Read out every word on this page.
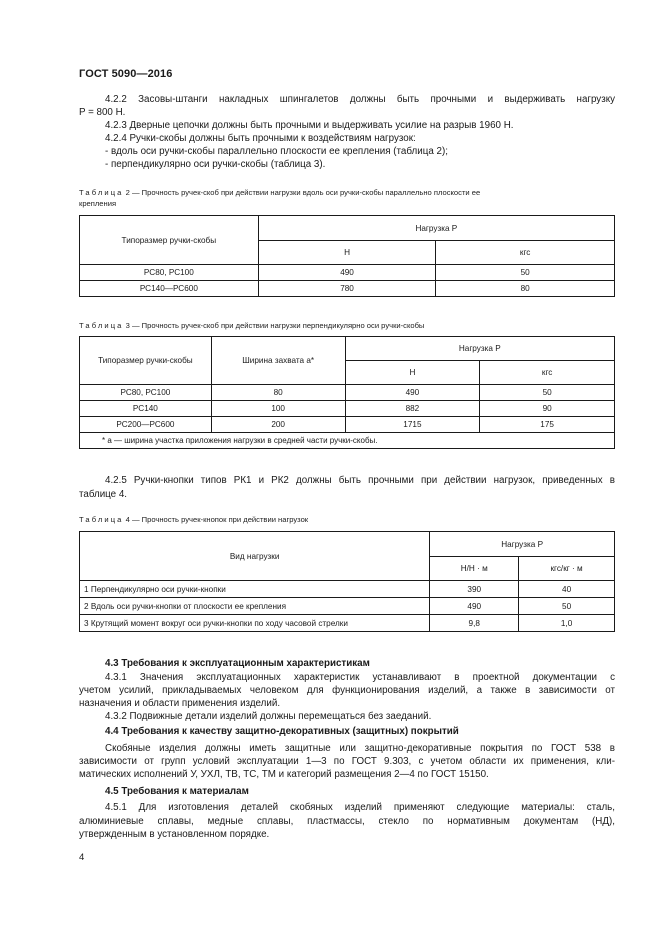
ГОСТ 5090—2016
4.2.2 Засовы-штанги накладных шпингалетов должны быть прочными и выдерживать нагрузку
P = 800 Н.
4.2.3 Дверные цепочки должны быть прочными и выдерживать усилие на разрыв 1960 Н.
4.2.4 Ручки-скобы должны быть прочными к воздействиям нагрузок:
- вдоль оси ручки-скобы параллельно плоскости ее крепления (таблица 2);
- перпендикулярно оси ручки-скобы (таблица 3).
Таблица 2 — Прочность ручек-скоб при действии нагрузки вдоль оси ручки-скобы параллельно плоскости ее
крепления
Типоразмер ручки-скобы	Нагрузка P	
	Н	кгс
РС80, РС100	490	50
РС140—РС600	780	80
Таблица 3 — Прочность ручек-скоб при действии нагрузки перпендикулярно оси ручки-скобы
Типоразмер ручки-скобы	Ширина захвата а*	Нагрузка P	
		Н	кгс
РС80, РС100	80	490	50
РС140	100	882	90
РС200—РС600	200	1715	175
* а — ширина участка приложения нагрузки в средней части ручки-скобы.			
4.2.5 Ручки-кнопки типов РК1 и РК2 должны быть прочными при действии нагрузок, приведенных в
таблице 4.
Таблица 4 — Прочность ручек-кнопок при действии нагрузок
Вид нагрузки	Нагрузка P	
	Н/Н · м	кгс/кг · м
1 Перпендикулярно оси ручки-кнопки	390	40
2 Вдоль оси ручки-кнопки от плоскости ее крепления	490	50
3 Крутящий момент вокруг оси ручки-кнопки по ходу часовой стрелки	9,8	1,0
4.3 Требования к эксплуатационным характеристикам
4.3.1 Значения эксплуатационных характеристик устанавливают в проектной документации с
учетом усилий, прикладываемых человеком для функционирования изделий, а также в зависимости от
назначения и области применения изделий.
4.3.2 Подвижные детали изделий должны перемещаться без заеданий.
4.4 Требования к качеству защитно-декоративных (защитных) покрытий
Скобяные изделия должны иметь защитные или защитно-декоративные покрытия по ГОСТ 538 в
зависимости от групп условий эксплуатации 1—3 по ГОСТ 9.303, с учетом области их применения, кли-
матических исполнений У, УХЛ, ТВ, ТС, ТМ и категорий размещения 2—4 по ГОСТ 15150.
4.5 Требования к материалам
4.5.1 Для изготовления деталей скобяных изделий применяют следующие материалы: сталь,
алюминиевые сплавы, медные сплавы, пластмассы, стекло по нормативным документам (НД),
утвержденным в установленном порядке.
4
